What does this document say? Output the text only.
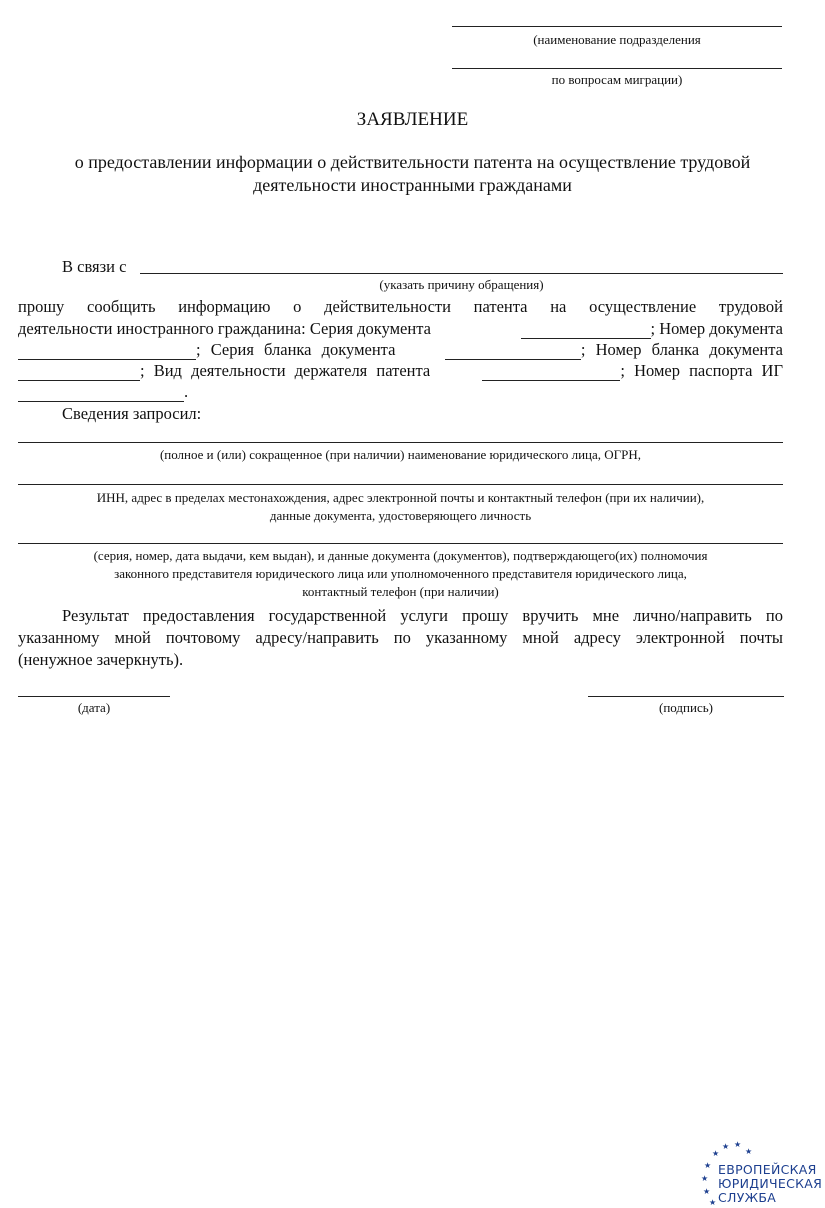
(наименование подразделения
по вопросам миграции)
ЗАЯВЛЕНИЕ
о предоставлении информации о действительности патента на осуществление трудовой
деятельности иностранными гражданами
В связи с
(указать причину обращения)
прошу сообщить информацию о действительности патента на осуществление трудовой
деятельности иностранного гражданина: Серия документа	; Номер документа
; Серия бланка документа	; Номер бланка документа
; Вид деятельности держателя патента	; Номер паспорта ИГ
.
Сведения запросил:
(полное и (или) сокращенное (при наличии) наименование юридического лица, ОГРН,
ИНН, адрес в пределах местонахождения, адрес электронной почты и контактный телефон (при их наличии),
данные документа, удостоверяющего личность
(серия, номер, дата выдачи, кем выдан), и данные документа (документов), подтверждающего(их) полномочия
законного представителя юридического лица или уполномоченного представителя юридического лица,
контактный телефон (при наличии)
Результат предоставления государственной услуги прошу вручить мне лично/направить по
указанному мной почтовому адресу/направить по указанному мной адресу электронной почты
(ненужное зачеркнуть).
(дата)	(подпись)
★ ★
★	★
★
★
★
★
ЕВРОПЕЙСКАЯ
ЮРИДИЧЕСКАЯ
СЛУЖБА
